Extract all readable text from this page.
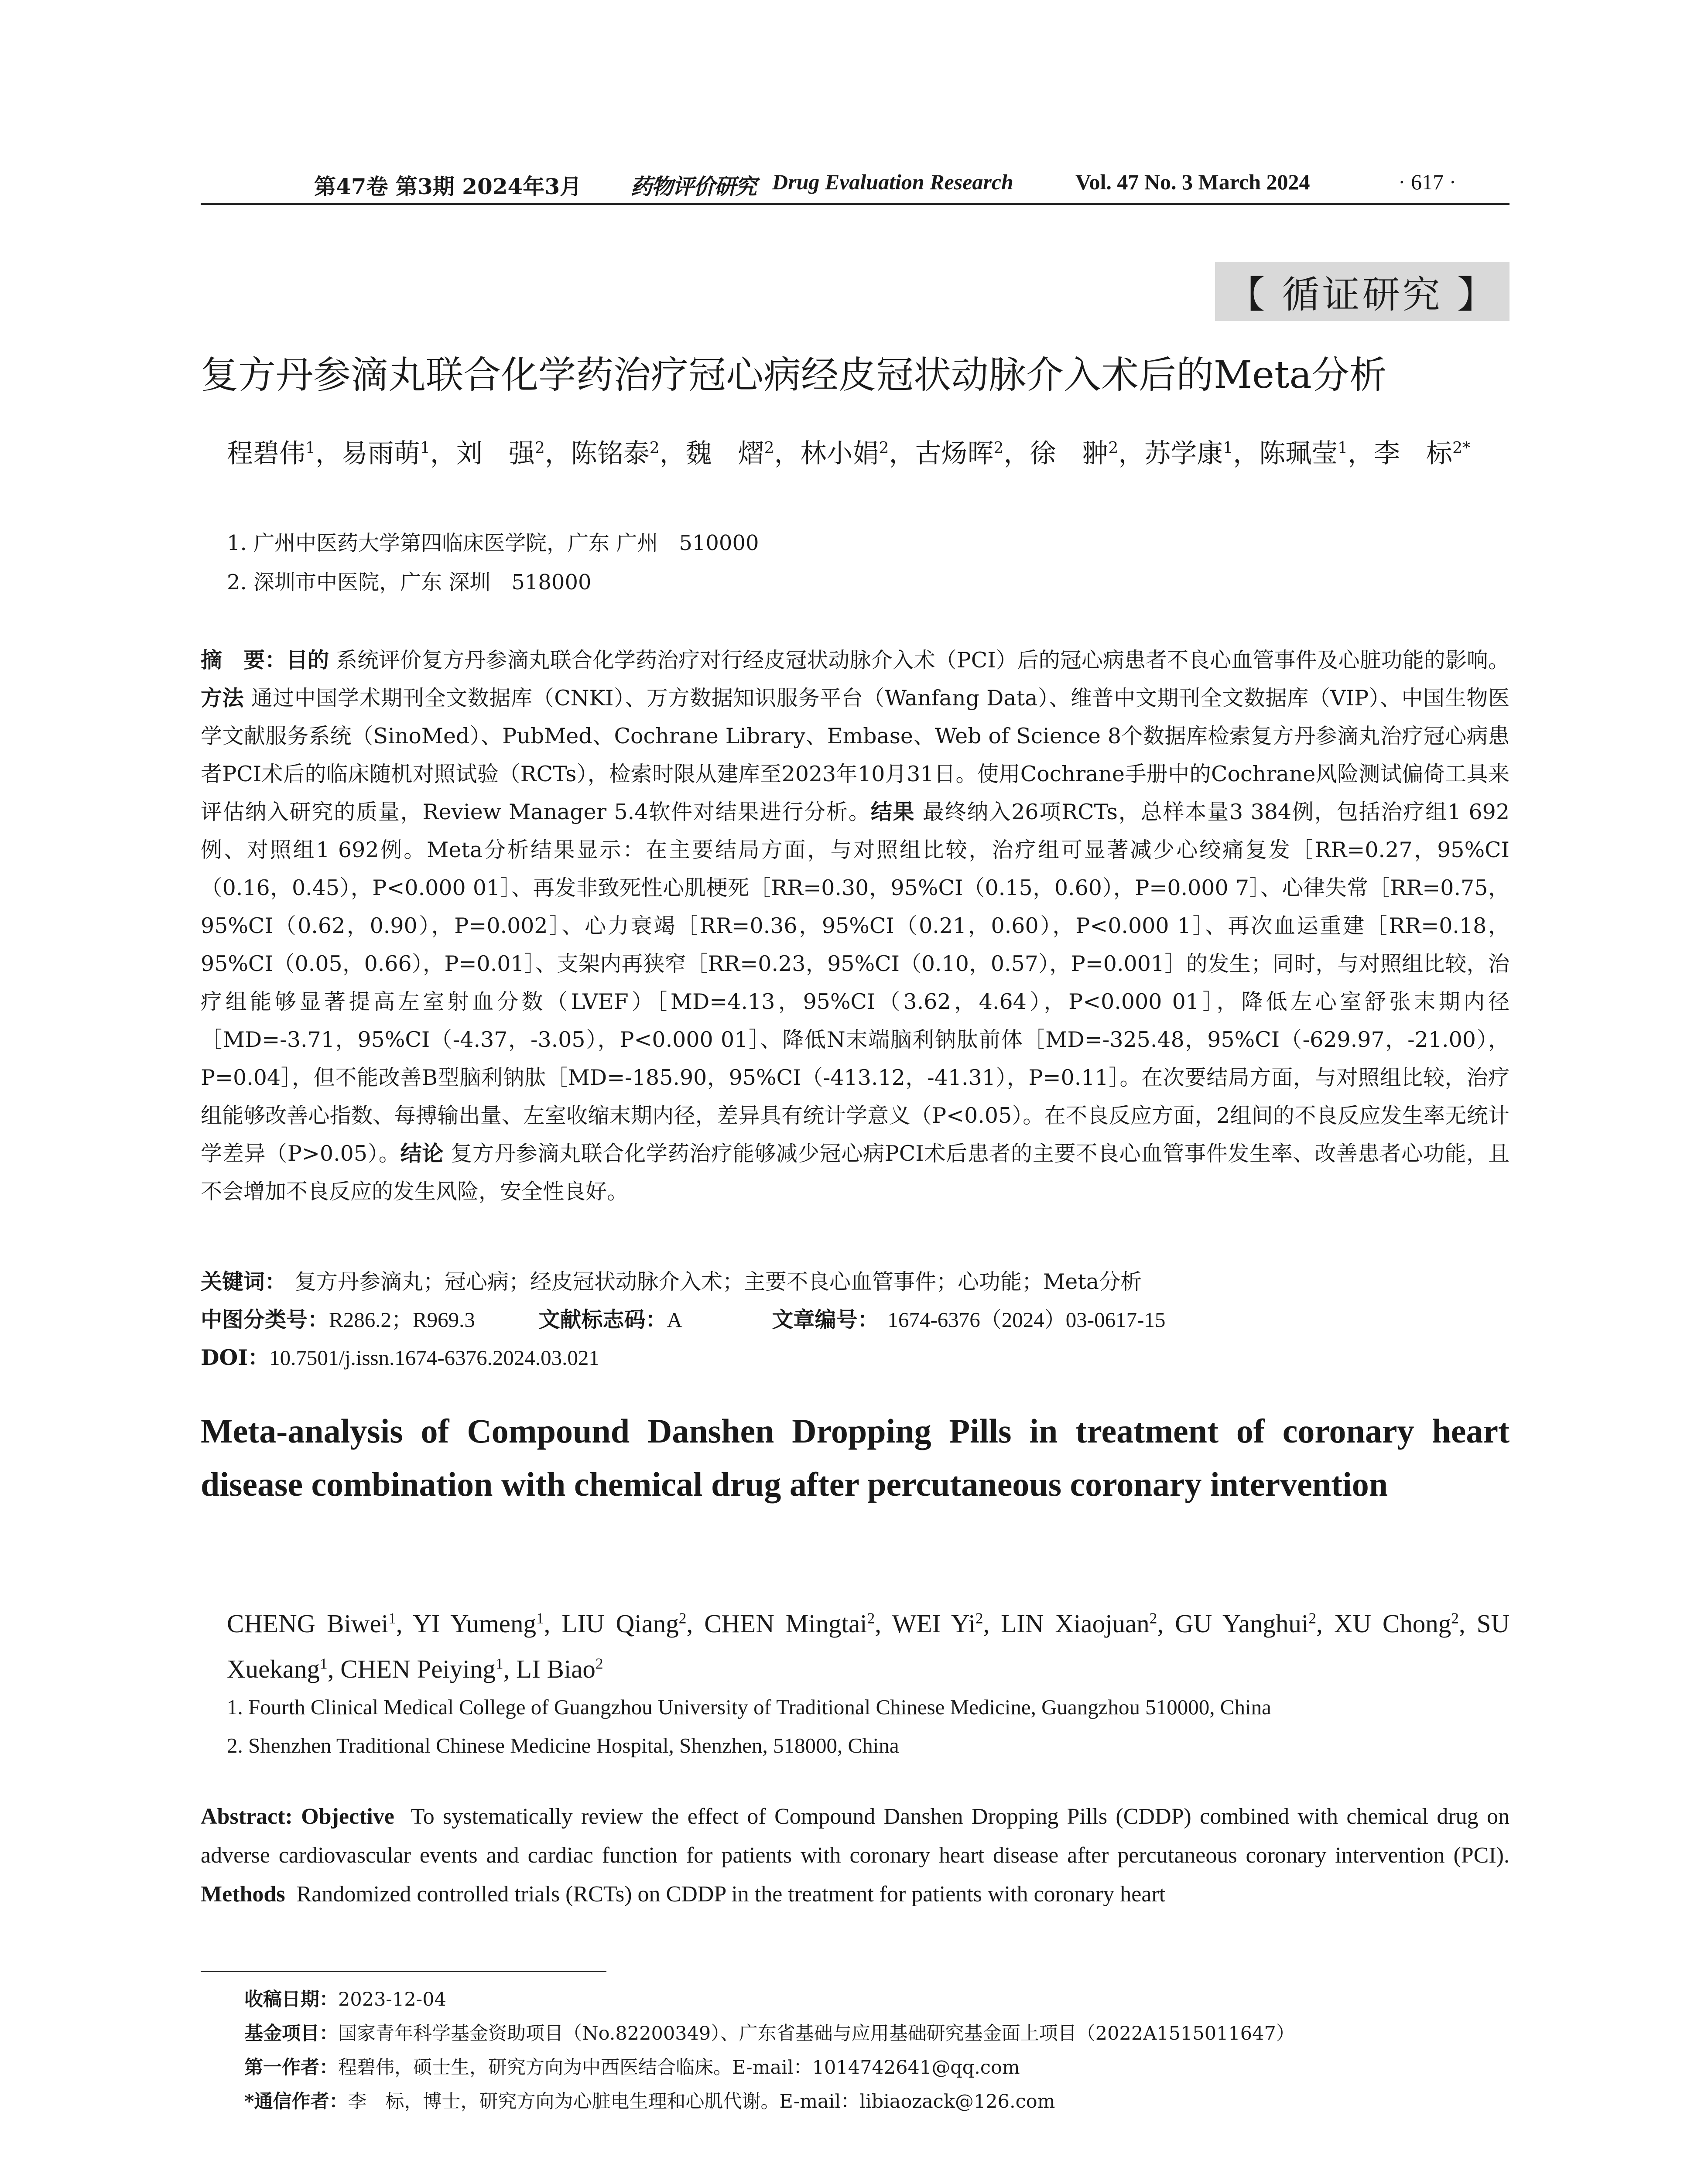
第47卷 第3期 2024年3月 药物评价研究 Drug Evaluation Research	Vol. 47 No. 3 March 2024	· 617 ·
【 循证研究 】
复方丹参滴丸联合化学药治疗冠心病经皮冠状动脉介入术后的Meta分析
程碧伟$^1$，易雨萌$^1$，刘　强$^2$，陈铭泰$^2$，魏　熠$^2$，林小娟$^2$，古炀晖$^2$，徐　翀$^2$，苏学康$^1$，陈珮莹$^1$，李　标$^{2*}$
1. 广州中医药大学第四临床医学院，广东 广州　510000
2. 深圳市中医院，广东 深圳　518000
摘　要：目的 系统评价复方丹参滴丸联合化学药治疗对行经皮冠状动脉介入术（PCI）后的冠心病患者不良心血管事件及心脏功能的影响。方法 通过中国学术期刊全文数据库（CNKI）、万方数据知识服务平台（Wanfang Data）、维普中文期刊全文数据库（VIP）、中国生物医学文献服务系统（SinoMed）、PubMed、Cochrane Library、Embase、Web of Science 8个数据库检索复方丹参滴丸治疗冠心病患者PCI术后的临床随机对照试验（RCTs），检索时限从建库至2023年10月31日。使用Cochrane手册中的Cochrane风险测试偏倚工具来评估纳入研究的质量，Review Manager 5.4软件对结果进行分析。结果 最终纳入26项RCTs，总样本量3 384例，包括治疗组1 692例、对照组1 692例。Meta分析结果显示：在主要结局方面，与对照组比较，治疗组可显著减少心绞痛复发［RR=0.27，95%CI（0.16，0.45），P<0.000 01］、再发非致死性心肌梗死［RR=0.30，95%CI（0.15，0.60），P=0.000 7］、心律失常［RR=0.75，95%CI（0.62，0.90），P=0.002］、心力衰竭［RR=0.36，95%CI（0.21，0.60），P<0.000 1］、再次血运重建［RR=0.18，95%CI（0.05，0.66），P=0.01］、支架内再狭窄［RR=0.23，95%CI（0.10，0.57），P=0.001］的发生；同时，与对照组比较，治疗组能够显著提高左室射血分数（LVEF）［MD=4.13，95%CI（3.62，4.64），P<0.000 01］，降低左心室舒张末期内径［MD=-3.71，95%CI（-4.37，-3.05），P<0.000 01］、降低N末端脑利钠肽前体［MD=-325.48，95%CI（-629.97，-21.00），P=0.04］，但不能改善B型脑利钠肽［MD=-185.90，95%CI（-413.12，-41.31），P=0.11］。在次要结局方面，与对照组比较，治疗组能够改善心指数、每搏输出量、左室收缩末期内径，差异具有统计学意义（P<0.05）。在不良反应方面，2组间的不良反应发生率无统计学差异（P>0.05）。结论 复方丹参滴丸联合化学药治疗能够减少冠心病PCI术后患者的主要不良心血管事件发生率、改善患者心功能，且不会增加不良反应的发生风险，安全性良好。
关键词： 复方丹参滴丸；冠心病；经皮冠状动脉介入术；主要不良心血管事件；心功能；Meta分析
中图分类号：R286.2；R969.3	文献标志码：A	文章编号： 1674-6376（2024）03-0617-15
DOI：10.7501/j.issn.1674-6376.2024.03.021
Meta-analysis of Compound Danshen Dropping Pills in treatment of coronary heart disease combination with chemical drug after percutaneous coronary intervention
CHENG Biwei$^1$, YI Yumeng$^1$, LIU Qiang$^2$, CHEN Mingtai$^2$, WEI Yi$^2$, LIN Xiaojuan$^2$, GU Yanghui$^2$, XU Chong$^2$, SU Xuekang$^1$, CHEN Peiying$^1$, LI Biao$^2$
1. Fourth Clinical Medical College of Guangzhou University of Traditional Chinese Medicine, Guangzhou 510000, China
2. Shenzhen Traditional Chinese Medicine Hospital, Shenzhen, 518000, China
Abstract: Objective To systematically review the effect of Compound Danshen Dropping Pills (CDDP) combined with chemical drug on adverse cardiovascular events and cardiac function for patients with coronary heart disease after percutaneous coronary intervention (PCI). Methods Randomized controlled trials (RCTs) on CDDP in the treatment for patients with coronary heart
收稿日期：2023-12-04
基金项目：国家青年科学基金资助项目（No.82200349）、广东省基础与应用基础研究基金面上项目（2022A1515011647）
第一作者：程碧伟，硕士生，研究方向为中西医结合临床。E-mail：1014742641@qq.com
*通信作者：李　标，博士，研究方向为心脏电生理和心肌代谢。E-mail：libiaozack@126.com
